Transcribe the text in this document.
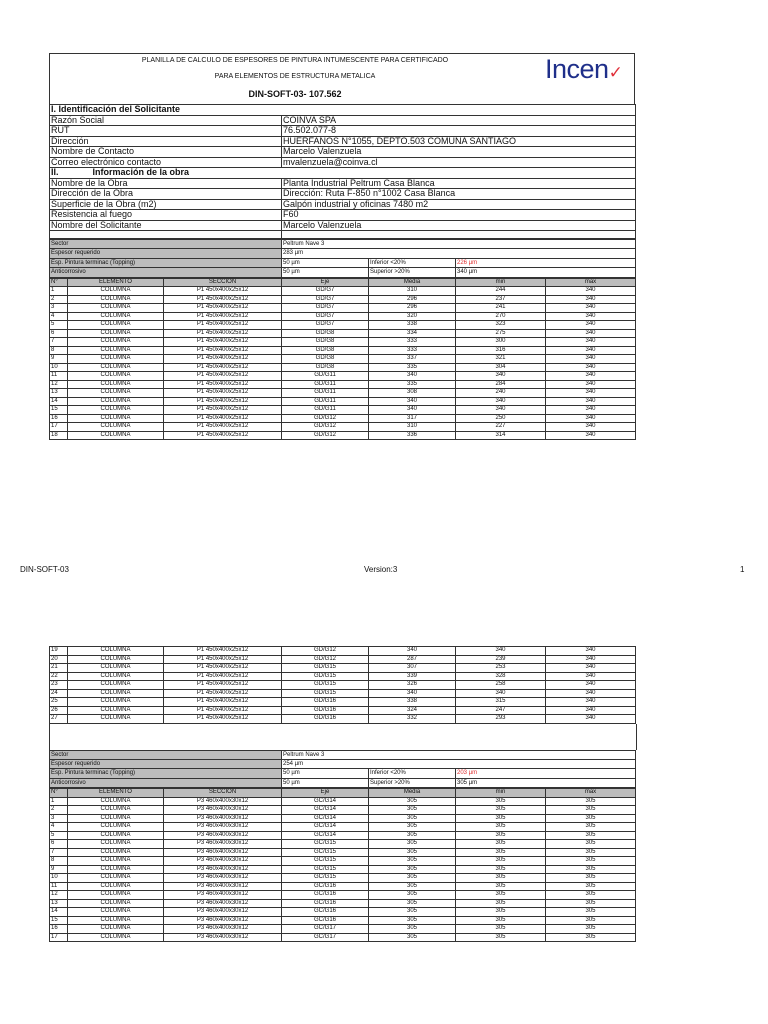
PLANILLA DE CALCULO DE ESPESORES DE PINTURA INTUMESCENTE PARA CERTIFICADO
PARA ELEMENTOS DE ESTRUCTURA METALICA
DIN-SOFT-03- 107.562
Incen✓
I. Identificación del Solicitante	
Razón Social	COINVA SPA
RUT	76.502.077-8
Dirección	HUERFANOS N°1055, DEPTO.503 COMUNA SANTIAGO
Nombre de Contacto	Marcelo Valenzuela
Correo electrónico contacto	mvalenzuela@coinva.cl
II. Información de la obra	
Nombre de la Obra	Planta Industrial Peltrum Casa Blanca
Dirección de la Obra	Dirección: Ruta F-850 n°1002 Casa Blanca
Superficie de la Obra (m2)	Galpón industrial y oficinas 7480 m2
Resistencia al fuego	F60
Nombre del Solicitante	Marcelo Valenzuela

Sector	Peltrum Nave 3		
Espesor requerido	283 µm		
Esp. Pintura terminac (Topping)	50 µm	Inferior <20%	226 µm
Anticorrosivo	50 µm	Superior >20%	340 µm
N°	ELEMENTO	SECCIÓN	Eje	Media	min	max
1	COLUMNA	P1 450x400x25x12	GD/G7	310	244	340
2	COLUMNA	P1 450x400x25x12	GD/G7	296	237	340
3	COLUMNA	P1 450x400x25x12	GD/G7	296	241	340
4	COLUMNA	P1 450x400x25x12	GD/G7	320	270	340
5	COLUMNA	P1 450x400x25x12	GD/G7	338	323	340
6	COLUMNA	P1 450x400x25x12	GD/G8	334	275	340
7	COLUMNA	P1 450x400x25x12	GD/G8	333	300	340
8	COLUMNA	P1 450x400x25x12	GD/G8	333	316	340
9	COLUMNA	P1 450x400x25x12	GD/G8	337	321	340
10	COLUMNA	P1 450x400x25x12	GD/G8	335	304	340
11	COLUMNA	P1 450x400x25x12	GD/G11	340	340	340
12	COLUMNA	P1 450x400x25x12	GD/G11	335	284	340
13	COLUMNA	P1 450x400x25x12	GD/G11	308	240	340
14	COLUMNA	P1 450x400x25x12	GD/G11	340	340	340
15	COLUMNA	P1 450x400x25x12	GD/G11	340	340	340
16	COLUMNA	P1 450x400x25x12	GD/G12	317	250	340
17	COLUMNA	P1 450x400x25x12	GD/G12	310	227	340
18	COLUMNA	P1 450x400x25x12	GD/G12	336	314	340
DIN-SOFT-03	Version:3	1
19	COLUMNA	P1 450x400x25x12	GD/G12	340	340	340
20	COLUMNA	P1 450x400x25x12	GD/G12	287	239	340
21	COLUMNA	P1 450x400x25x12	GD/G15	307	253	340
22	COLUMNA	P1 450x400x25x12	GD/G15	339	328	340
23	COLUMNA	P1 450x400x25x12	GD/G15	326	258	340
24	COLUMNA	P1 450x400x25x12	GD/G15	340	340	340
25	COLUMNA	P1 450x400x25x12	GD/G16	338	315	340
26	COLUMNA	P1 450x400x25x12	GD/G16	324	247	340
27	COLUMNA	P1 450x400x25x12	GD/G16	332	293	340
Sector	Peltrum Nave 3		
Espesor requerido	254 µm		
Esp. Pintura terminac (Topping)	50 µm	Inferior <20%	203 µm
Anticorrosivo	50 µm	Superior >20%	305 µm
N°	ELEMENTO	SECCIÓN	Eje	Media	min	max
1	COLUMNA	P3 460x400x30x12	GC/G14	305	305	305
2	COLUMNA	P3 460x400x30x12	GC/G14	305	305	305
3	COLUMNA	P3 460x400x30x12	GC/G14	305	305	305
4	COLUMNA	P3 460x400x30x12	GC/G14	305	305	305
5	COLUMNA	P3 460x400x30x12	GC/G14	305	305	305
6	COLUMNA	P3 460x400x30x12	GC/G15	305	305	305
7	COLUMNA	P3 460x400x30x12	GC/G15	305	305	305
8	COLUMNA	P3 460x400x30x12	GC/G15	305	305	305
9	COLUMNA	P3 460x400x30x12	GC/G15	305	305	305
10	COLUMNA	P3 460x400x30x12	GC/G15	305	305	305
11	COLUMNA	P3 460x400x30x12	GC/G16	305	305	305
12	COLUMNA	P3 460x400x30x12	GC/G16	305	305	305
13	COLUMNA	P3 460x400x30x12	GC/G16	305	305	305
14	COLUMNA	P3 460x400x30x12	GC/G16	305	305	305
15	COLUMNA	P3 460x400x30x12	GC/G16	305	305	305
16	COLUMNA	P3 460x400x30x12	GC/G17	305	305	305
17	COLUMNA	P3 460x400x30x12	GC/G17	305	305	305
